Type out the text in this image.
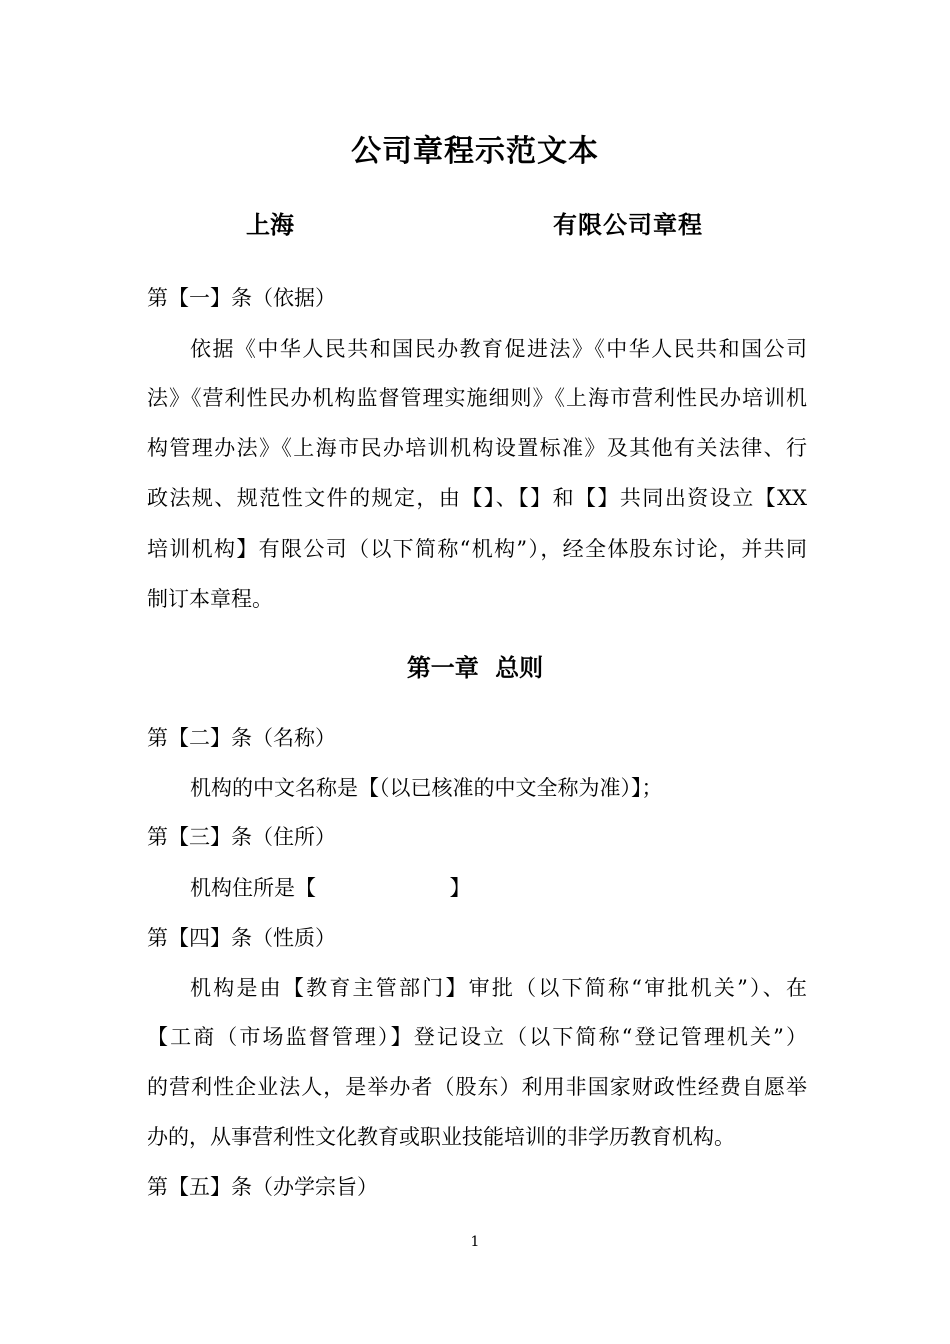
公司章程示范文本
上海	有限公司章程
第【一】条（依据）
依据《中华人民共和国民办教育促进法》《中华人民共和国公司
法》《营利性民办机构监督管理实施细则》《上海市营利性民办培训机
构管理办法》《上海市民办培训机构设置标准》及其他有关法律、行
政法规、规范性文件的规定，由【】、【】和【】共同出资设立【XX
培训机构】有限公司（以下简称“机构”），经全体股东讨论，并共同
制订本章程。
第一章 总则
第【二】条（名称）
机构的中文名称是【（以已核准的中文全称为准）】；
第【三】条（住所）
机构住所是【                    】
第【四】条（性质）
机构是由【教育主管部门】审批（以下简称“审批机关”）、在
【工商（市场监督管理）】登记设立（以下简称“登记管理机关”）
的营利性企业法人，是举办者（股东）利用非国家财政性经费自愿举
办的，从事营利性文化教育或职业技能培训的非学历教育机构。
第【五】条（办学宗旨）
1
